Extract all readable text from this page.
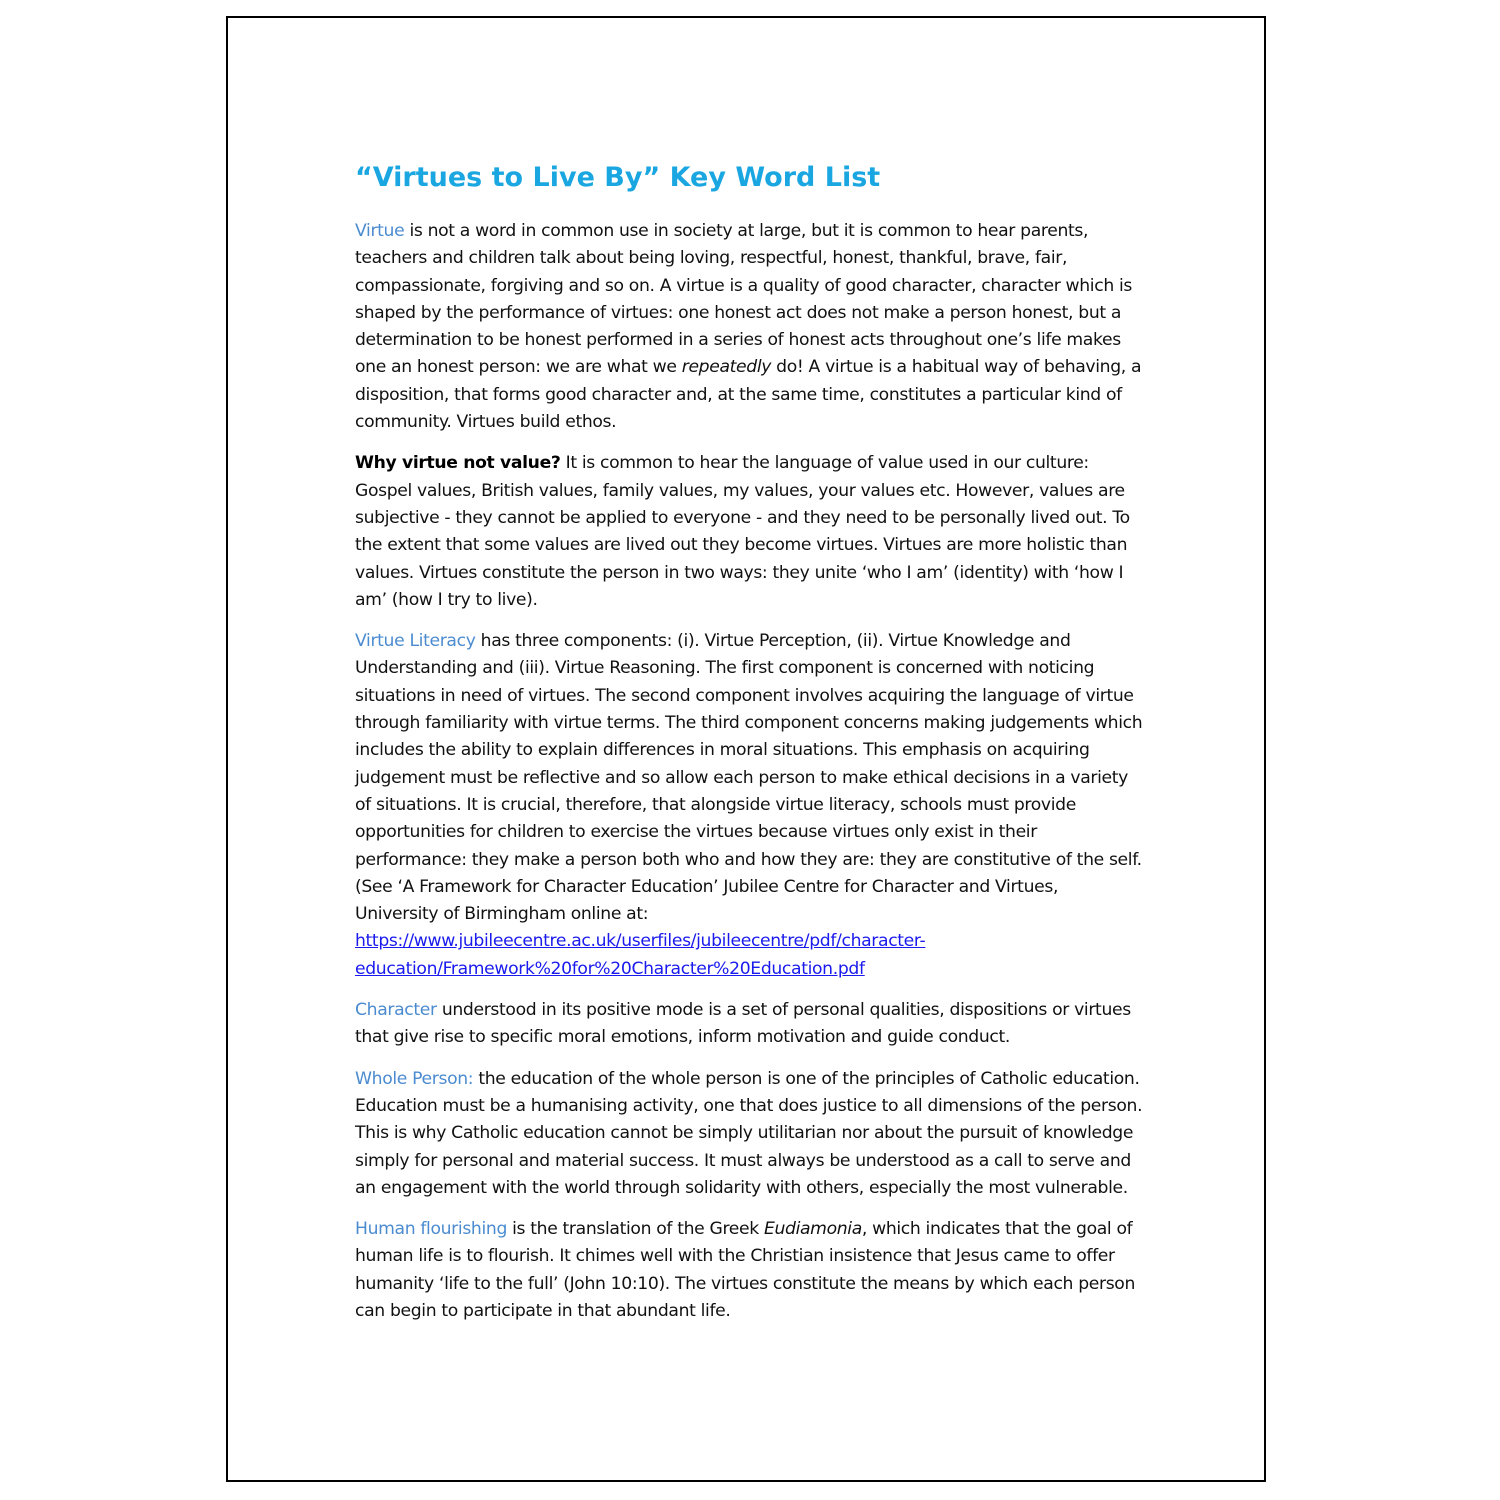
“Virtues to Live By” Key Word List

Virtue is not a word in common use in society at large, but it is common to hear parents, teachers and children talk about being loving, respectful, honest, thankful, brave, fair, compassionate, forgiving and so on. A virtue is a quality of good character, character which is shaped by the performance of virtues: one honest act does not make a person honest, but a determination to be honest performed in a series of honest acts throughout one’s life makes one an honest person: we are what we repeatedly do! A virtue is a habitual way of behaving, a disposition, that forms good character and, at the same time, constitutes a particular kind of community. Virtues build ethos.

Why virtue not value? It is common to hear the language of value used in our culture: Gospel values, British values, family values, my values, your values etc. However, values are subjective - they cannot be applied to everyone - and they need to be personally lived out. To the extent that some values are lived out they become virtues. Virtues are more holistic than values. Virtues constitute the person in two ways: they unite ‘who I am’ (identity) with ‘how I am’ (how I try to live).

Virtue Literacy has three components: (i). Virtue Perception, (ii). Virtue Knowledge and Understanding and (iii). Virtue Reasoning. The first component is concerned with noticing situations in need of virtues. The second component involves acquiring the language of virtue through familiarity with virtue terms. The third component concerns making judgements which includes the ability to explain differences in moral situations. This emphasis on acquiring judgement must be reflective and so allow each person to make ethical decisions in a variety of situations. It is crucial, therefore, that alongside virtue literacy, schools must provide opportunities for children to exercise the virtues because virtues only exist in their performance: they make a person both who and how they are: they are constitutive of the self. (See ‘A Framework for Character Education’ Jubilee Centre for Character and Virtues, University of Birmingham online at: https://www.jubileecentre.ac.uk/userfiles/jubileecentre/pdf/character-
education/Framework%20for%20Character%20Education.pdf

Character understood in its positive mode is a set of personal qualities, dispositions or virtues that give rise to specific moral emotions, inform motivation and guide conduct.

Whole Person: the education of the whole person is one of the principles of Catholic education. Education must be a humanising activity, one that does justice to all dimensions of the person. This is why Catholic education cannot be simply utilitarian nor about the pursuit of knowledge simply for personal and material success. It must always be understood as a call to serve and an engagement with the world through solidarity with others, especially the most vulnerable.

Human flourishing is the translation of the Greek Eudiamonia, which indicates that the goal of human life is to flourish. It chimes well with the Christian insistence that Jesus came to offer humanity ‘life to the full’ (John 10:10). The virtues constitute the means by which each person can begin to participate in that abundant life.
